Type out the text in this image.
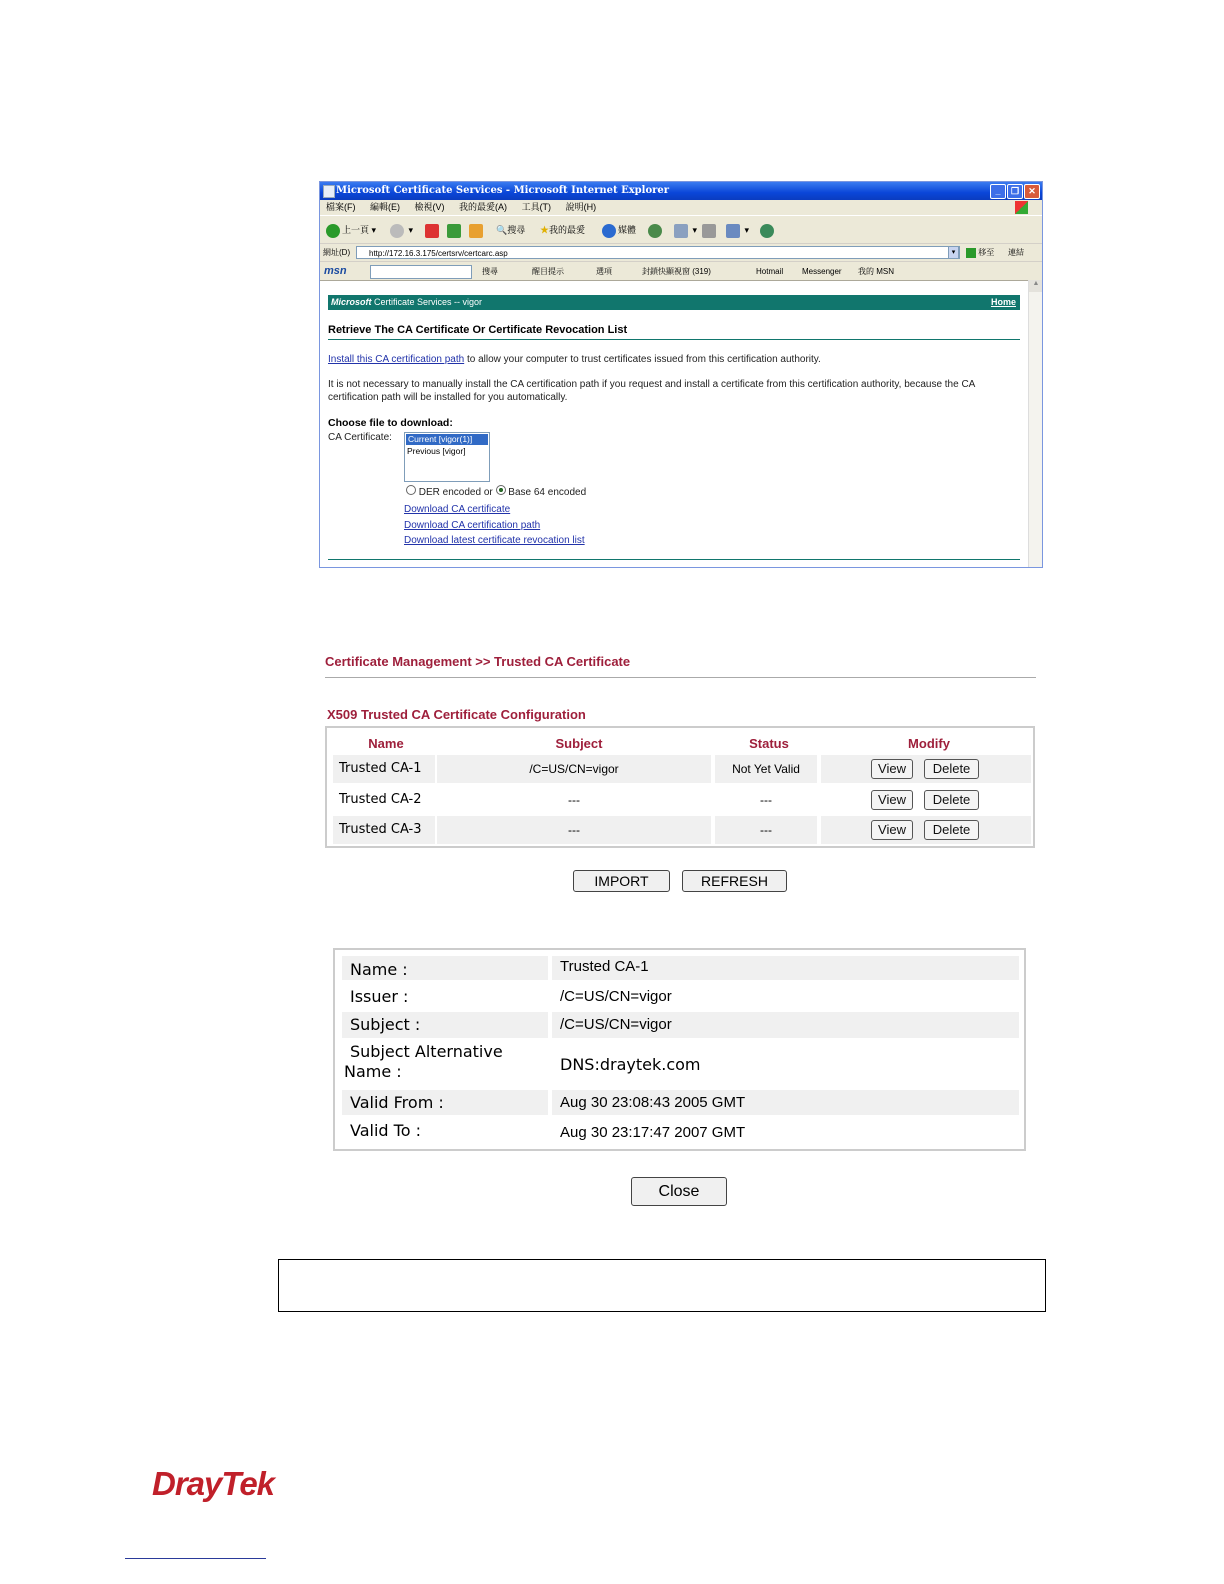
Microsoft Certificate Services - Microsoft Internet Explorer	_	❐	✕
檔案(F) 編輯(E) 檢視(V) 我的最愛(A) 工具(T) 說明(H)
上一頁 ▾	▾	🔍搜尋 ★我的最愛	媒體	▾	▾
網址(D)	http://172.16.3.175/certsrv/certcarc.asp	▾	移至 連結
msn	搜尋	醒目提示	選項	封鎖快顯視窗 (319)	Hotmail Messenger 我的 MSN
Microsoft Certificate Services -- vigor	Home
Retrieve The CA Certificate Or Certificate Revocation List
Install this CA certification path to allow your computer to trust certificates issued from this certification authority.
It is not necessary to manually install the CA certification path if you request and install a certificate from this certification authority, because the CA certification path will be installed for you automatically.
Choose file to download:
CA Certificate:	Current [vigor(1)]
Previous [vigor]
DER encoded or Base 64 encoded
Download CA certificate
Download CA certification path
Download latest certificate revocation list
▲
Certificate Management >> Trusted CA Certificate
X509 Trusted CA Certificate Configuration
Name	Subject	Status	Modify
Trusted CA-1	/C=US/CN=vigor	Not Yet Valid	View	Delete
Trusted CA-2	---	---	View	Delete
Trusted CA-3	---	---	View	Delete
IMPORT	REFRESH
Name :	Trusted CA-1
Issuer :	/C=US/CN=vigor
Subject :	/C=US/CN=vigor
Subject Alternative
Name :	DNS:draytek.com
Valid From :	Aug 30 23:08:43 2005 GMT
Valid To :	Aug 30 23:17:47 2007 GMT
Close
DrayTek
